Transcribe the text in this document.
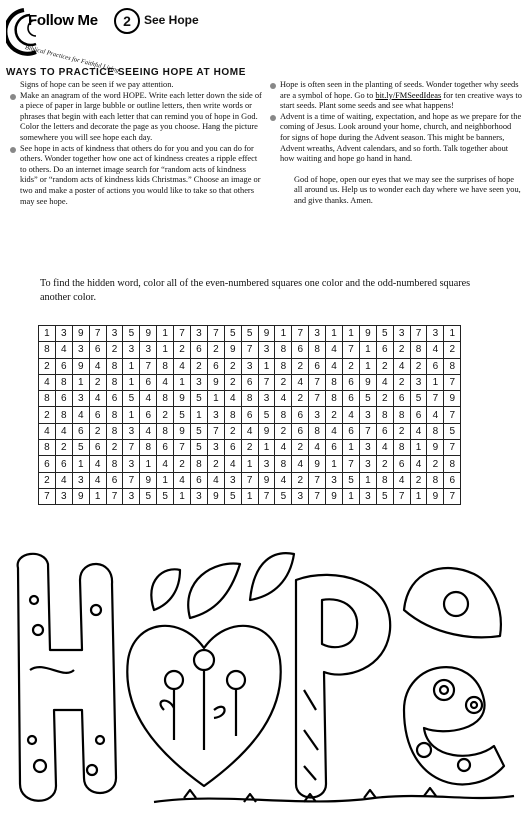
Follow Me
Biblical Practices for Faithful Living
2	See Hope
WAYS TO PRACTICE SEEING HOPE AT HOME

Signs of hope can be seen if we pay attention.

Make an anagram of the word HOPE. Write each letter down the side of a piece of paper in large bubble or outline letters, then write words or phrases that begin with each letter that can remind you of hope in God. Color the letters and decorate the page as you choose. Hang the picture somewhere you will see hope each day.

See hope in acts of kindness that others do for you and you can do for others. Wonder together how one act of kindness creates a ripple effect to others. Do an internet image search for “random acts of kindness kids” or “random acts of kindness kids Christmas.” Choose an image or two and make a poster of actions you would like to take so that others may see hope.

Hope is often seen in the planting of seeds. Wonder together why seeds are a symbol of hope. Go to bit.ly/FMSeedIdeas for ten creative ways to start seeds. Plant some seeds and see what happens!

Advent is a time of waiting, expectation, and hope as we prepare for the coming of Jesus. Look around your home, church, and neighborhood for signs of hope during the Advent season. This might be banners, Advent wreaths, Advent calendars, and so forth. Talk together about how waiting and hope go hand in hand.

God of hope, open our eyes that we may see the surprises of hope all around us. Help us to wonder each day where we have seen you, and give thanks. Amen.

To find the hidden word, color all of the even-numbered squares one color and the odd-numbered squares another color.
1	3	9	7	3	5	9	1	7	3	7	5	5	9	1	7	3	1	1	9	5	3	7	3	1
8	4	3	6	2	3	3	1	2	6	2	9	7	3	8	6	8	4	7	1	6	2	8	4	2
2	6	9	4	8	1	7	8	4	2	6	2	3	1	8	2	6	4	2	1	2	4	2	6	8
4	8	1	2	8	1	6	4	1	3	9	2	6	7	2	4	7	8	6	9	4	2	3	1	7
8	6	3	4	6	5	4	8	9	5	1	4	8	3	4	2	7	8	6	5	2	6	5	7	9
2	8	4	6	8	1	6	2	5	1	3	8	6	5	8	6	3	2	4	3	8	8	6	4	7
4	4	6	2	8	3	4	8	9	5	7	2	4	9	2	6	8	4	6	7	6	2	4	8	5
8	2	5	6	2	7	8	6	7	5	3	6	2	1	4	2	4	6	1	3	4	8	1	9	7
6	6	1	4	8	3	1	4	2	8	2	4	1	3	8	4	9	1	7	3	2	6	4	2	8
2	4	3	4	6	7	9	1	4	6	4	3	7	9	4	2	7	3	5	1	8	4	2	8	6
7	3	9	1	7	3	5	5	1	3	9	5	1	7	5	3	7	9	1	3	5	7	1	9	7
